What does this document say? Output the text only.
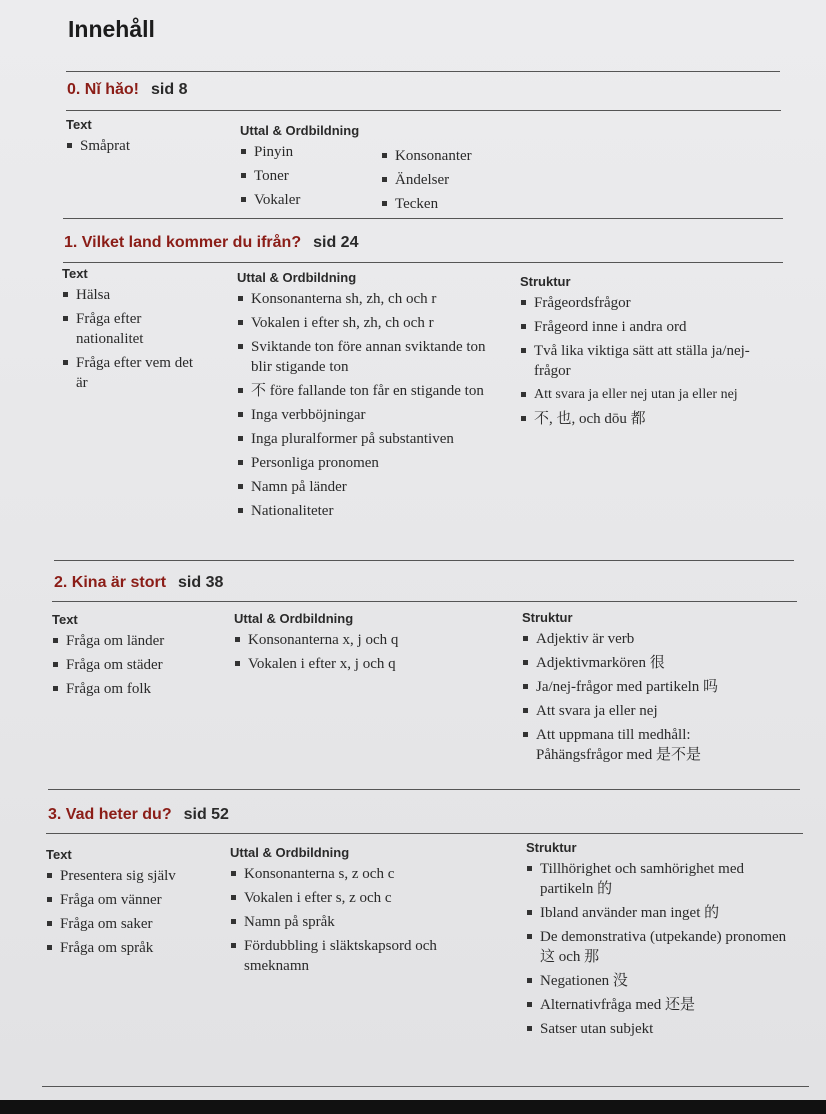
Innehåll
0. Nǐ hǎo! sid 8
Text
Småprat
Uttal & Ordbildning
Pinyin
Toner
Vokaler
Konsonanter
Ändelser
Tecken
1. Vilket land kommer du ifrån? sid 24
Text
Hälsa
Fråga efter nationalitet
Fråga efter vem det är
Uttal & Ordbildning
Konsonanterna sh, zh, ch och r
Vokalen i efter sh, zh, ch och r
Sviktande ton före annan sviktande ton blir stigande ton
不 före fallande ton får en stigande ton
Inga verbböjningar
Inga pluralformer på substantiven
Personliga pronomen
Namn på länder
Nationaliteter
Struktur
Frågeordsfrågor
Frågeord inne i andra ord
Två lika viktiga sätt att ställa ja/nej-frågor
Att svara ja eller nej utan ja eller nej
不, 也, och dōu 都
2. Kina är stort sid 38
Text
Fråga om länder
Fråga om städer
Fråga om folk
Uttal & Ordbildning
Konsonanterna x, j och q
Vokalen i efter x, j och q
Struktur
Adjektiv är verb
Adjektivmarkören 很
Ja/nej-frågor med partikeln 吗
Att svara ja eller nej
Att uppmana till medhåll: Påhängsfrågor med 是不是
3. Vad heter du? sid 52
Text
Presentera sig själv
Fråga om vänner
Fråga om saker
Fråga om språk
Uttal & Ordbildning
Konsonanterna s, z och c
Vokalen i efter s, z och c
Namn på språk
Fördubbling i släktskapsord och smeknamn
Struktur
Tillhörighet och samhörighet med partikeln 的
Ibland använder man inget 的
De demonstrativa (utpekande) pronomen 这 och 那
Negationen 没
Alternativfråga med 还是
Satser utan subjekt
